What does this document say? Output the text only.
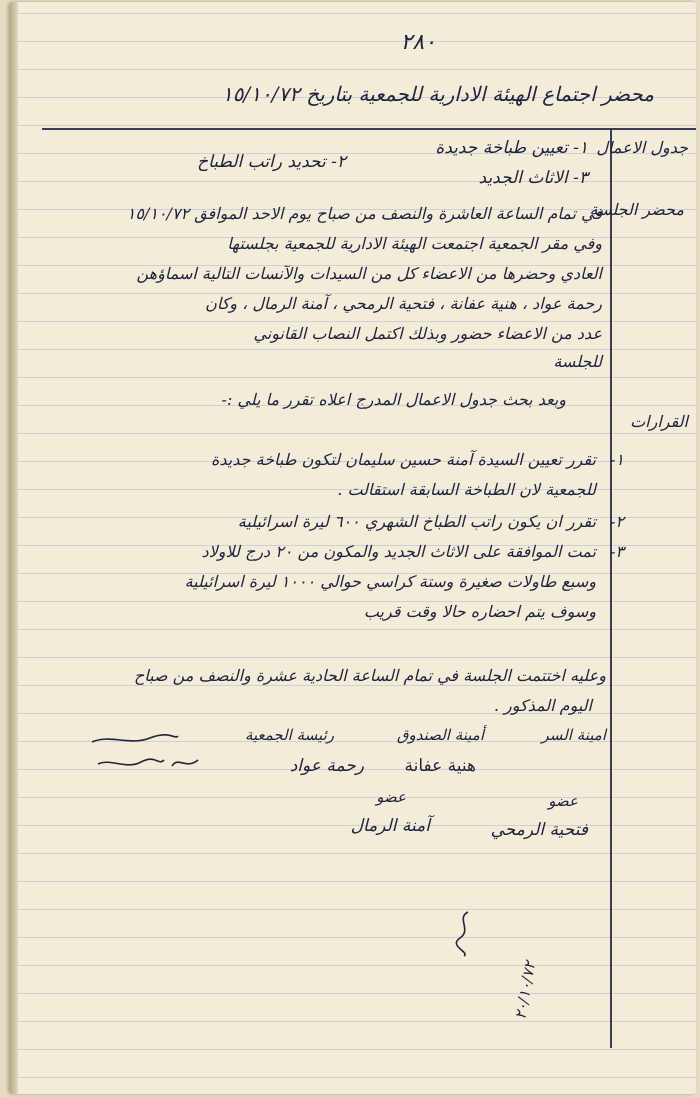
٢٨٠
محضر اجتماع الهيئة الادارية للجمعية بتاريخ ١٥/١٠/٧٢
جدول الاعمال
١- تعيين طباخة جديدة
٢- تحديد راتب الطباخ
٣- الاثاث الجديد
محضر الجلسة
في تمام الساعة العاشرة والنصف من صباح يوم الاحد الموافق ١٥/١٠/٧٢
وفي مقر الجمعية اجتمعت الهيئة الادارية للجمعية بجلستها
العادي وحضرها من الاعضاء كل من السيدات والآنسات التالية اسماؤهن
رحمة عواد ، هنية عفانة ، فتحية الرمحي ، آمنة الرمال ، وكان
عدد من الاعضاء حضور وبذلك اكتمل النصاب القانوني
للجلسة
وبعد بحث جدول الاعمال المدرج اعلاه تقرر ما يلي :-
القرارات
١-
تقرر تعيين السيدة آمنة حسين سليمان لتكون طباخة جديدة
للجمعية لان الطباخة السابقة استقالت .
٢-
تقرر ان يكون راتب الطباخ الشهري ٦٠٠ ليرة اسرائيلية
٣-
تمت الموافقة على الاثاث الجديد والمكون من ٢٠ درج للاولاد
وسبع طاولات صغيرة وستة كراسي حوالي ١٠٠٠ ليرة اسرائيلية
وسوف يتم احضاره حالا وقت قريب
وعليه اختتمت الجلسة في تمام الساعة الحادية عشرة والنصف من صباح
اليوم المذكور .
رئيسة الجمعية	أمينة الصندوق	امينة السر
رحمة عواد هنية عفانة
عضو	عضو
آمنة الرمال	فتحية الرمحي
٢٠/١٠/٧٢
